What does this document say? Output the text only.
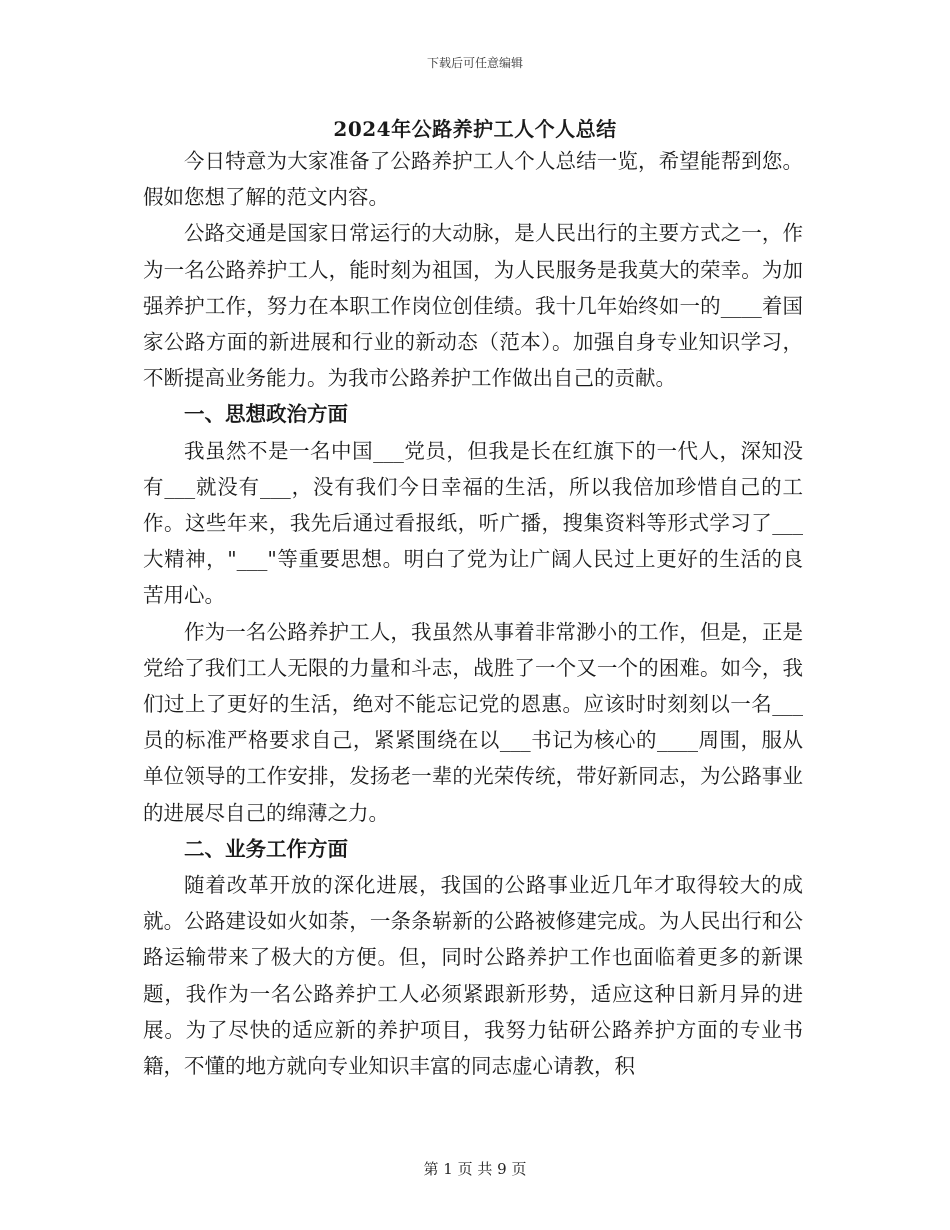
下载后可任意编辑
2024年公路养护工人个人总结

今日特意为大家准备了公路养护工人个人总结一览，希望能帮到您。假如您想了解的范文内容。

公路交通是国家日常运行的大动脉，是人民出行的主要方式之一，作为一名公路养护工人，能时刻为祖国，为人民服务是我莫大的荣幸。为加强养护工作，努力在本职工作岗位创佳绩。我十几年始终如一的____着国家公路方面的新进展和行业的新动态（范本）。加强自身专业知识学习，不断提高业务能力。为我市公路养护工作做出自己的贡献。

一、思想政治方面

我虽然不是一名中国___党员，但我是长在红旗下的一代人，深知没有___就没有___，没有我们今日幸福的生活，所以我倍加珍惜自己的工作。这些年来，我先后通过看报纸，听广播，搜集资料等形式学习了___大精神，"___"等重要思想。明白了党为让广阔人民过上更好的生活的良苦用心。

作为一名公路养护工人，我虽然从事着非常渺小的工作，但是，正是党给了我们工人无限的力量和斗志，战胜了一个又一个的困难。如今，我们过上了更好的生活，绝对不能忘记党的恩惠。应该时时刻刻以一名___员的标准严格要求自己，紧紧围绕在以___书记为核心的____周围，服从单位领导的工作安排，发扬老一辈的光荣传统，带好新同志，为公路事业的进展尽自己的绵薄之力。

二、业务工作方面

随着改革开放的深化进展，我国的公路事业近几年才取得较大的成就。公路建设如火如荼，一条条崭新的公路被修建完成。为人民出行和公路运输带来了极大的方便。但，同时公路养护工作也面临着更多的新课题，我作为一名公路养护工人必须紧跟新形势，适应这种日新月异的进展。为了尽快的适应新的养护项目，我努力钻研公路养护方面的专业书籍，不懂的地方就向专业知识丰富的同志虚心请教，积

第 1 页 共 9 页
